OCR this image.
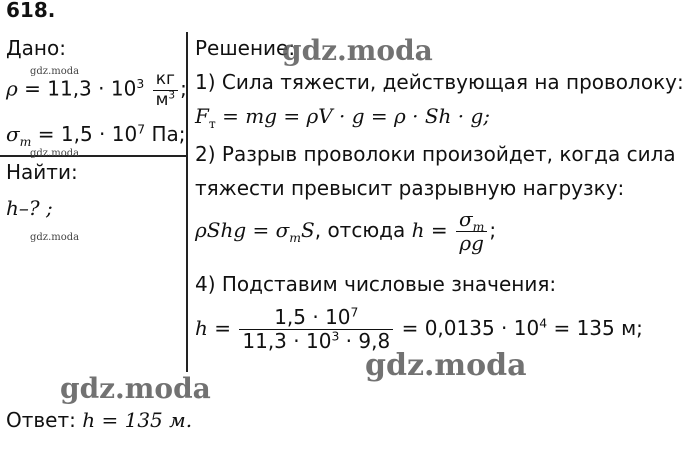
618.
Дано:
$\rho = 11,3 \cdot 10^3 \frac{кг}{м^3}$ ;
$\sigma_m = 1,5 \cdot 10^7$ Па;
Найти:
h–? ;
Решение:
1) Сила тяжести, действующая на проволоку:
$F_т$ = mg = ρV · g = ρ · Sh · g;
2) Разрыв проволоки произойдет, когда сила
тяжести превысит разрывную нагрузку:
$\rho Shg = \sigma_mS$, отсюда $h = \frac{\sigma_m}{\rho g}$ ;
4) Подставим числовые значения:
$h = \frac{1,5 \cdot 10^7}{11,3 \cdot 10^3 \cdot 9,8} = 0,0135 \cdot 10^4 = 135$ м;
Ответ: h = 135 м.
gdz.moda
gdz.moda
gdz.moda
gdz.moda
gdz.moda
gdz.moda
